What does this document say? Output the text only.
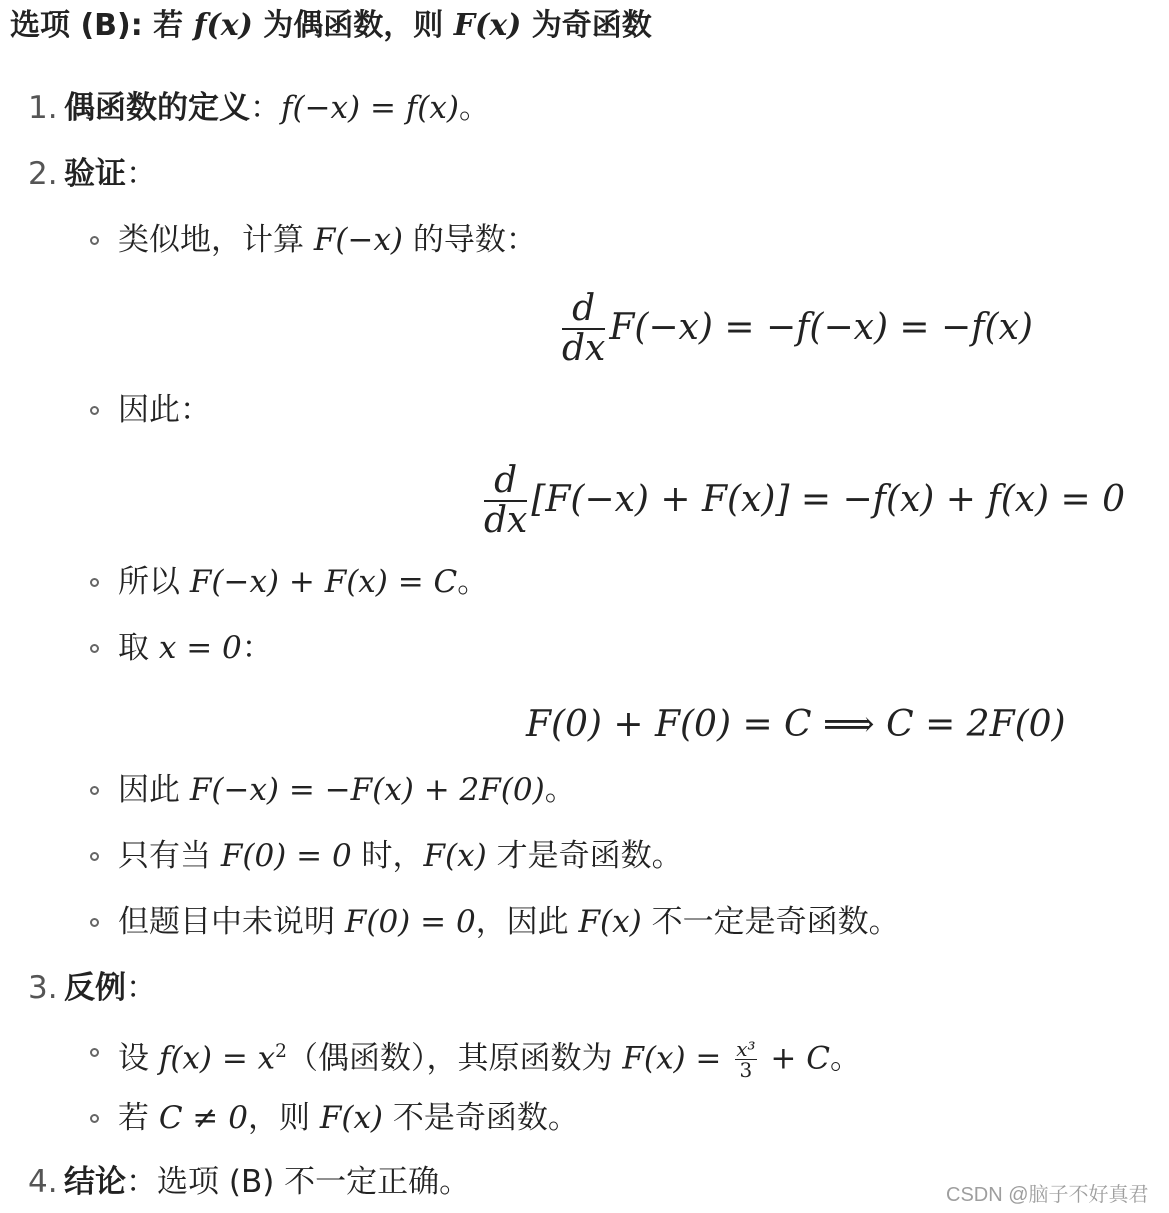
选项 (B): 若 f(x) 为偶函数，则 F(x) 为奇函数
1. 偶函数的定义：f(−x) = f(x)。
2. 验证：
类似地，计算 F(−x) 的导数：
$\frac{d}{dx} F(-x) = -f(-x) = -f(x)$
因此：
$\frac{d}{dx} [F(-x) + F(x)] = -f(x) + f(x) = 0$
所以 F(−x) + F(x) = C。
取 x = 0：
F(0) + F(0) = C ⟹ C = 2F(0)
因此 F(−x) = −F(x) + 2F(0)。
只有当 F(0) = 0 时，F(x) 才是奇函数。
但题目中未说明 F(0) = 0，因此 F(x) 不一定是奇函数。
3. 反例：
设 $f(x) = x^2$（偶函数），其原函数为 $F(x) = \frac{\text{x³}}{3} + C$。
若 C ≠ 0，则 F(x) 不是奇函数。
4. 结论：选项 (B) 不一定正确。	CSDN @脑子不好真君
